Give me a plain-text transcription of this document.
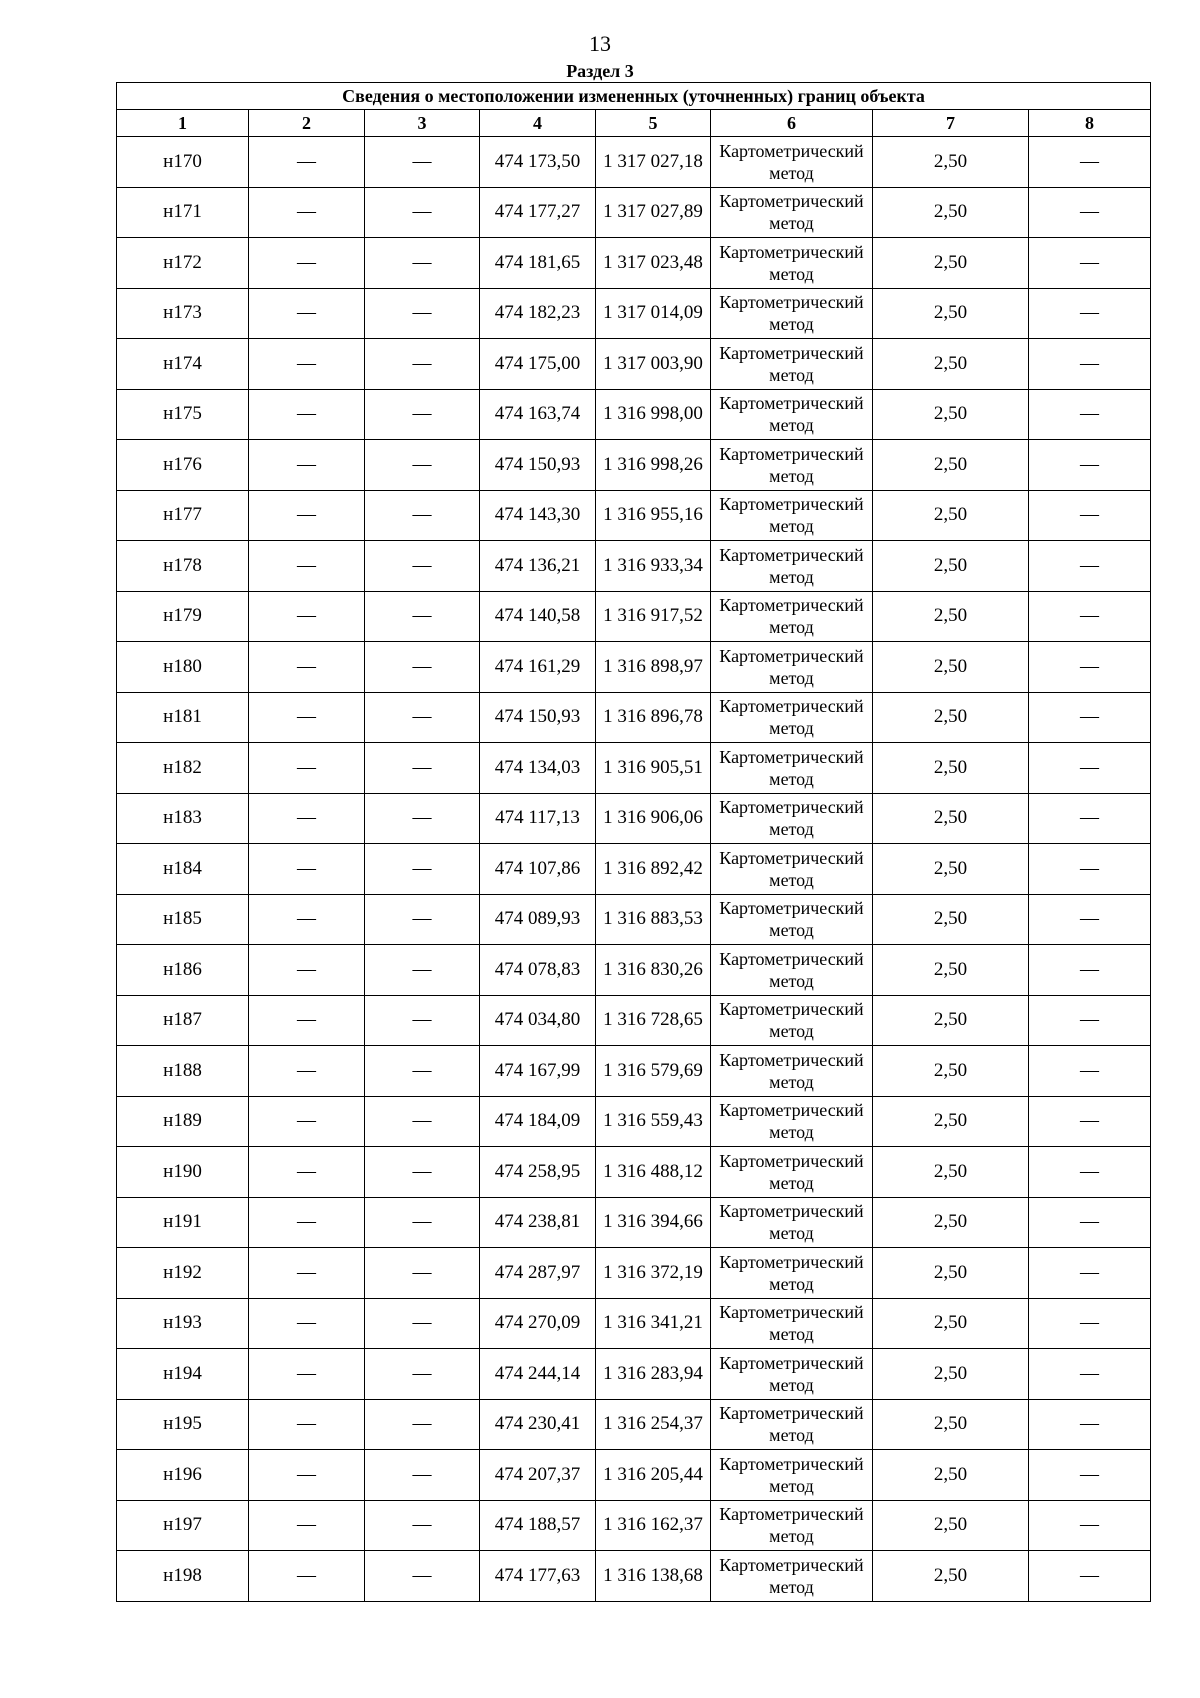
13
Раздел 3
Сведения о местоположении измененных (уточненных) границ объекта							
1	2	3	4	5	6	7	8
н170	—	—	474 173,50	1 317 027,18	Картометрический метод	2,50	—
н171	—	—	474 177,27	1 317 027,89	Картометрический метод	2,50	—
н172	—	—	474 181,65	1 317 023,48	Картометрический метод	2,50	—
н173	—	—	474 182,23	1 317 014,09	Картометрический метод	2,50	—
н174	—	—	474 175,00	1 317 003,90	Картометрический метод	2,50	—
н175	—	—	474 163,74	1 316 998,00	Картометрический метод	2,50	—
н176	—	—	474 150,93	1 316 998,26	Картометрический метод	2,50	—
н177	—	—	474 143,30	1 316 955,16	Картометрический метод	2,50	—
н178	—	—	474 136,21	1 316 933,34	Картометрический метод	2,50	—
н179	—	—	474 140,58	1 316 917,52	Картометрический метод	2,50	—
н180	—	—	474 161,29	1 316 898,97	Картометрический метод	2,50	—
н181	—	—	474 150,93	1 316 896,78	Картометрический метод	2,50	—
н182	—	—	474 134,03	1 316 905,51	Картометрический метод	2,50	—
н183	—	—	474 117,13	1 316 906,06	Картометрический метод	2,50	—
н184	—	—	474 107,86	1 316 892,42	Картометрический метод	2,50	—
н185	—	—	474 089,93	1 316 883,53	Картометрический метод	2,50	—
н186	—	—	474 078,83	1 316 830,26	Картометрический метод	2,50	—
н187	—	—	474 034,80	1 316 728,65	Картометрический метод	2,50	—
н188	—	—	474 167,99	1 316 579,69	Картометрический метод	2,50	—
н189	—	—	474 184,09	1 316 559,43	Картометрический метод	2,50	—
н190	—	—	474 258,95	1 316 488,12	Картометрический метод	2,50	—
н191	—	—	474 238,81	1 316 394,66	Картометрический метод	2,50	—
н192	—	—	474 287,97	1 316 372,19	Картометрический метод	2,50	—
н193	—	—	474 270,09	1 316 341,21	Картометрический метод	2,50	—
н194	—	—	474 244,14	1 316 283,94	Картометрический метод	2,50	—
н195	—	—	474 230,41	1 316 254,37	Картометрический метод	2,50	—
н196	—	—	474 207,37	1 316 205,44	Картометрический метод	2,50	—
н197	—	—	474 188,57	1 316 162,37	Картометрический метод	2,50	—
н198	—	—	474 177,63	1 316 138,68	Картометрический метод	2,50	—
